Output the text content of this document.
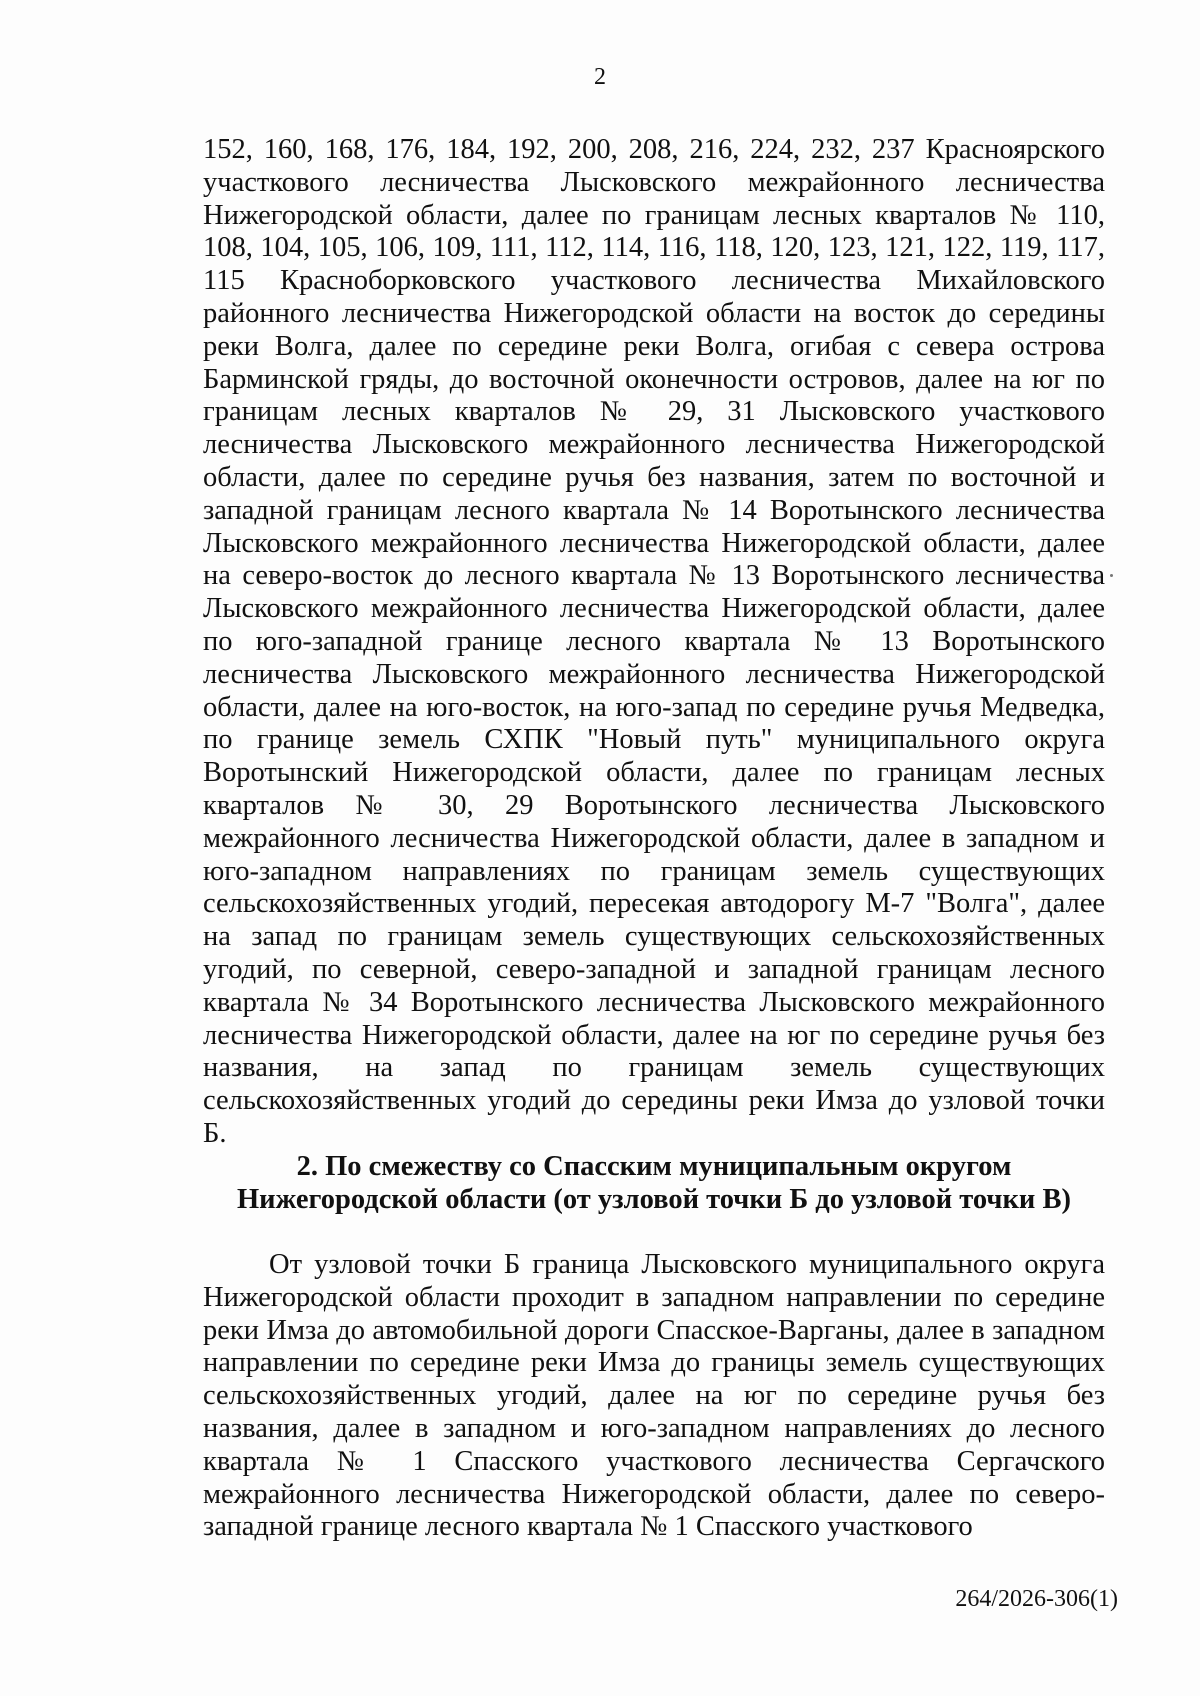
2

152, 160, 168, 176, 184, 192, 200, 208, 216, 224, 232, 237 Красноярского участкового лесничества Лысковского межрайонного лесничества Нижегородской области, далее по границам лесных кварталов № 110, 108, 104, 105, 106, 109, 111, 112, 114, 116, 118, 120, 123, 121, 122, 119, 117, 115 Красноборковского участкового лесничества Михайловского районного лесничества Нижегородской области на восток до середины реки Волга, далее по середине реки Волга, огибая с севера острова Барминской гряды, до восточной оконечности островов, далее на юг по границам лесных кварталов № 29, 31 Лысковского участкового лесничества Лысковского межрайонного лесничества Нижегородской области, далее по середине ручья без названия, затем по восточной и западной границам лесного квартала № 14 Воротынского лесничества Лысковского межрайонного лесничества Нижегородской области, далее на северо-восток до лесного квартала № 13 Воротынского лесничества Лысковского межрайонного лесничества Нижегородской области, далее по юго-западной границе лесного квартала № 13 Воротынского лесничества Лысковского межрайонного лесничества Нижегородской области, далее на юго-восток, на юго-запад по середине ручья Медведка, по границе земель СХПК "Новый путь" муниципального округа Воротынский Нижегородской области, далее по границам лесных кварталов № 30, 29 Воротынского лесничества Лысковского межрайонного лесничества Нижегородской области, далее в западном и юго-западном направлениях по границам земель существующих сельскохозяйственных угодий, пересекая автодорогу М-7 "Волга", далее на запад по границам земель существующих сельскохозяйственных угодий, по северной, северо-западной и западной границам лесного квартала № 34 Воротынского лесничества Лысковского межрайонного лесничества Нижегородской области, далее на юг по середине ручья без названия, на запад по границам земель существующих сельскохозяйственных угодий до середины реки Имза до узловой точки Б.

2. По смежеству со Спасским муниципальным округом
Нижегородской области (от узловой точки Б до узловой точки В)

От узловой точки Б граница Лысковского муниципального округа Нижегородской области проходит в западном направлении по середине реки Имза до автомобильной дороги Спасское-Варганы, далее в западном направлении по середине реки Имза до границы земель существующих сельскохозяйственных угодий, далее на юг по середине ручья без названия, далее в западном и юго-западном направлениях до лесного квартала № 1 Спасского участкового лесничества Сергачского межрайонного лесничества Нижегородской области, далее по северо-западной границе лесного квартала № 1 Спасского участкового

264/2026-306(1)
